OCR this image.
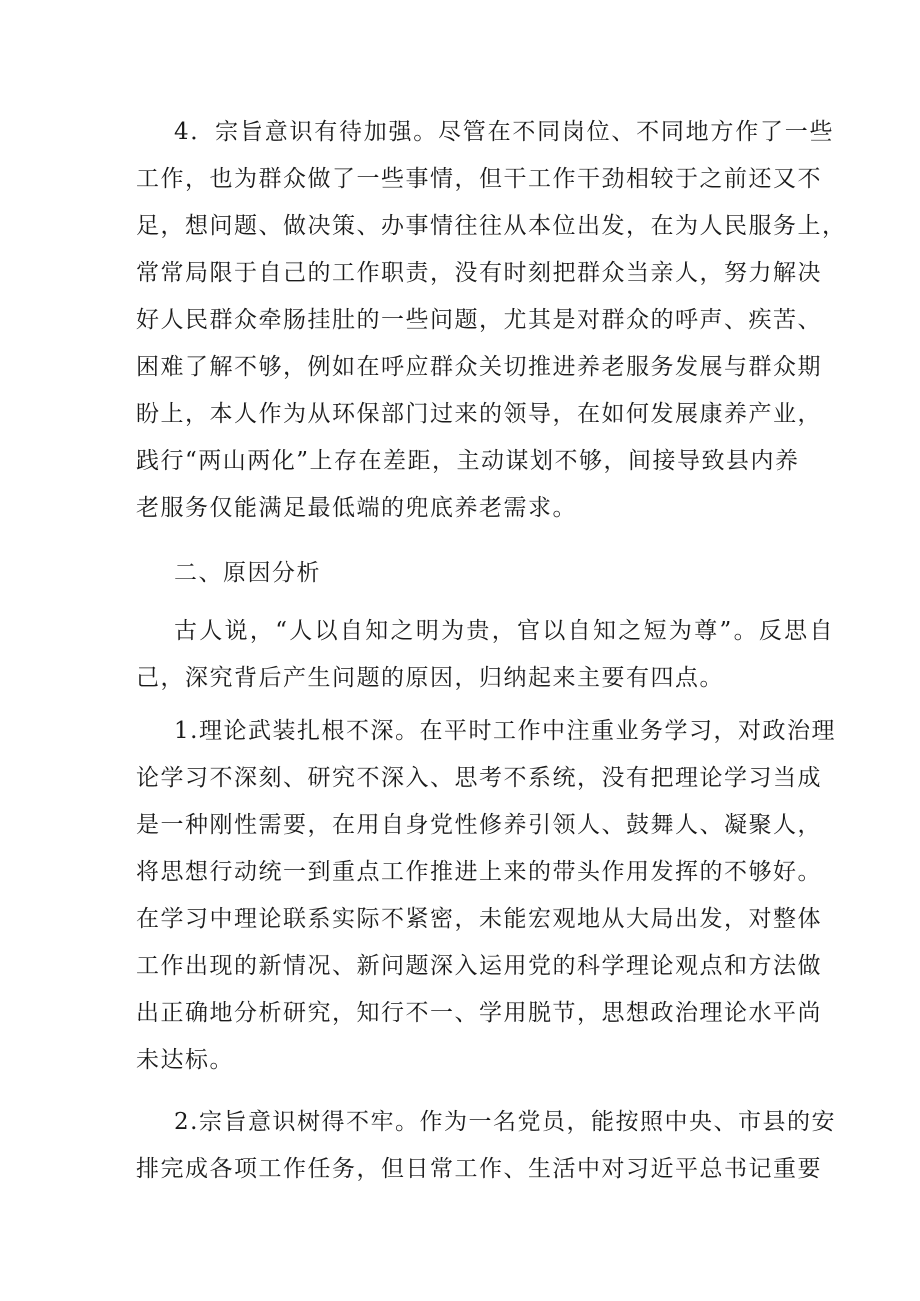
4．宗旨意识有待加强。尽管在不同岗位、不同地方作了一些
工作，也为群众做了一些事情，但干工作干劲相较于之前还又不
足，想问题、做决策、办事情往往从本位出发，在为人民服务上，
常常局限于自己的工作职责，没有时刻把群众当亲人，努力解决
好人民群众牵肠挂肚的一些问题，尤其是对群众的呼声、疾苦、
困难了解不够，例如在呼应群众关切推进养老服务发展与群众期
盼上，本人作为从环保部门过来的领导，在如何发展康养产业，
践行“两山两化”上存在差距，主动谋划不够，间接导致县内养
老服务仅能满足最低端的兜底养老需求。
二、原因分析
古人说，“人以自知之明为贵，官以自知之短为尊”。反思自
己，深究背后产生问题的原因，归纳起来主要有四点。
1.理论武装扎根不深。在平时工作中注重业务学习，对政治理
论学习不深刻、研究不深入、思考不系统，没有把理论学习当成
是一种刚性需要，在用自身党性修养引领人、鼓舞人、凝聚人，
将思想行动统一到重点工作推进上来的带头作用发挥的不够好。
在学习中理论联系实际不紧密，未能宏观地从大局出发，对整体
工作出现的新情况、新问题深入运用党的科学理论观点和方法做
出正确地分析研究，知行不一、学用脱节，思想政治理论水平尚
未达标。
2.宗旨意识树得不牢。作为一名党员，能按照中央、市县的安
排完成各项工作任务，但日常工作、生活中对习近平总书记重要
